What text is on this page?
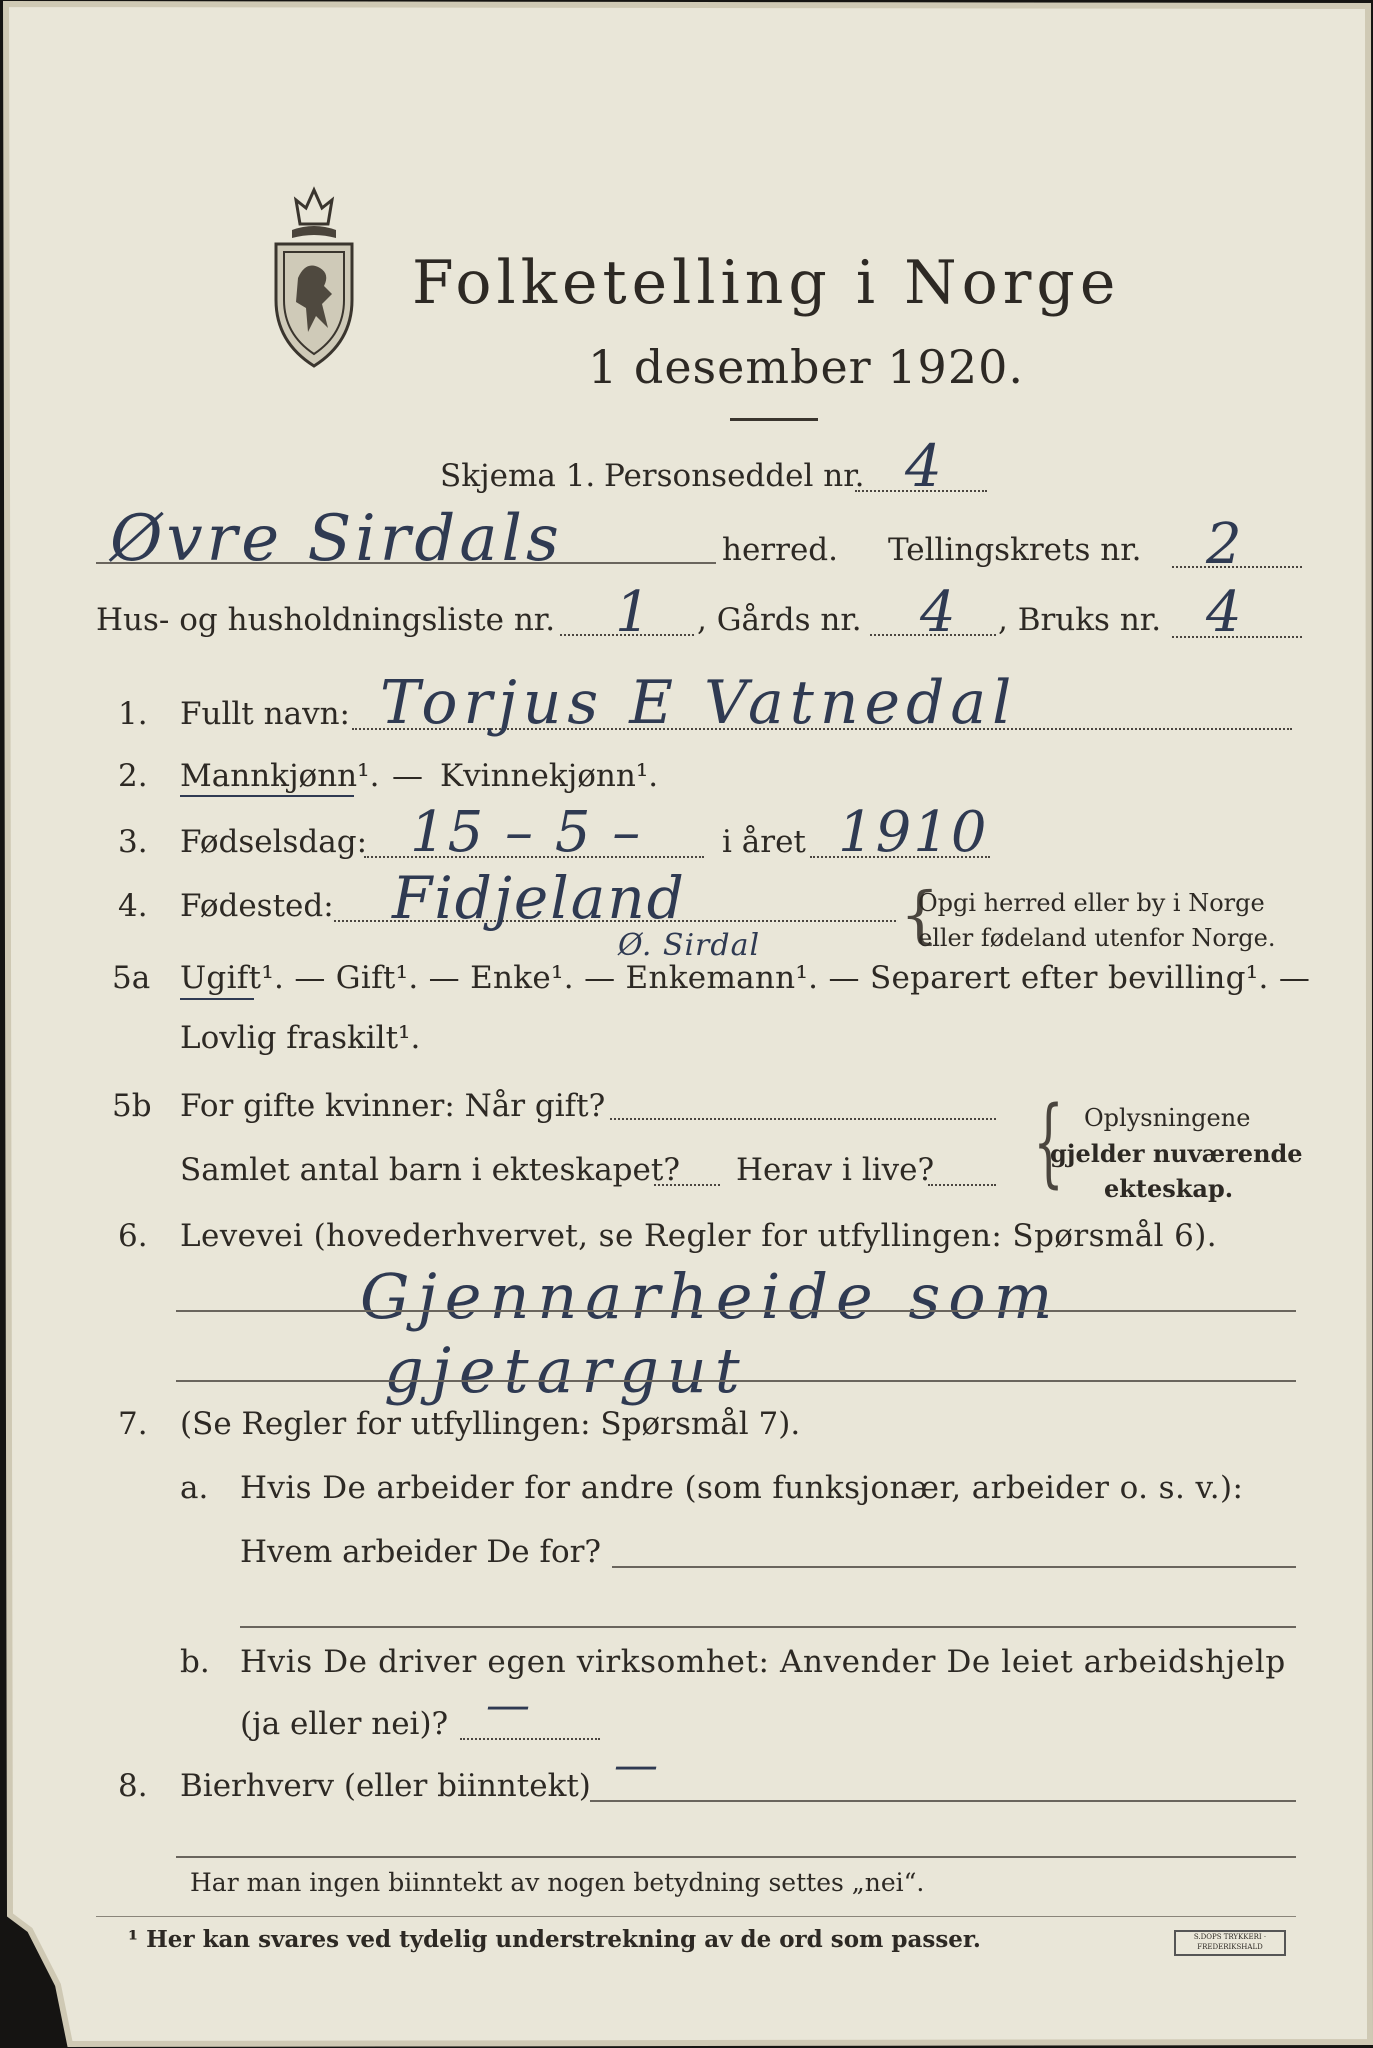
Folketelling i Norge
1 desember 1920.
Skjema 1. Personseddel nr. 4
Øvre Sirdals	herred. Tellingskrets nr. 2
Hus- og husholdningsliste nr. 1 , Gårds nr. 4 , Bruks nr. 4
1. Fullt navn: Torjus E Vatnedal
2. Mannkjønn¹. — Kvinnekjønn¹.
3. Fødselsdag: 15 – 5 –	i året 1910
4. Fødested: Fidjeland
Ø. Sirdal {
Opgi herred eller by i Norge
eller fødeland utenfor Norge.
5a Ugift¹. — Gift¹. — Enke¹. — Enkemann¹. — Separert efter bevilling¹. —
Lovlig fraskilt¹.
5b For gifte kvinner: Når gift?
Samlet antal barn i ekteskapet? Herav i live? { Oplysningene
gjelder nuværende
ekteskap.
6. Levevei (hovederhvervet, se Regler for utfyllingen: Spørsmål 6).
Gjennarheide som
gjetargut
7. (Se Regler for utfyllingen: Spørsmål 7).
a. Hvis De arbeider for andre (som funksjonær, arbeider o. s. v.):
Hvem arbeider De for?
b. Hvis De driver egen virksomhet: Anvender De leiet arbeidshjelp
(ja eller nei)? —
8. Bierhverv (eller biinntekt) —
Har man ingen biinntekt av nogen betydning settes „nei“.
¹ Her kan svares ved tydelig understrekning av de ord som passer.	S.DOPS TRYKKERI · FREDERIKSHALD
